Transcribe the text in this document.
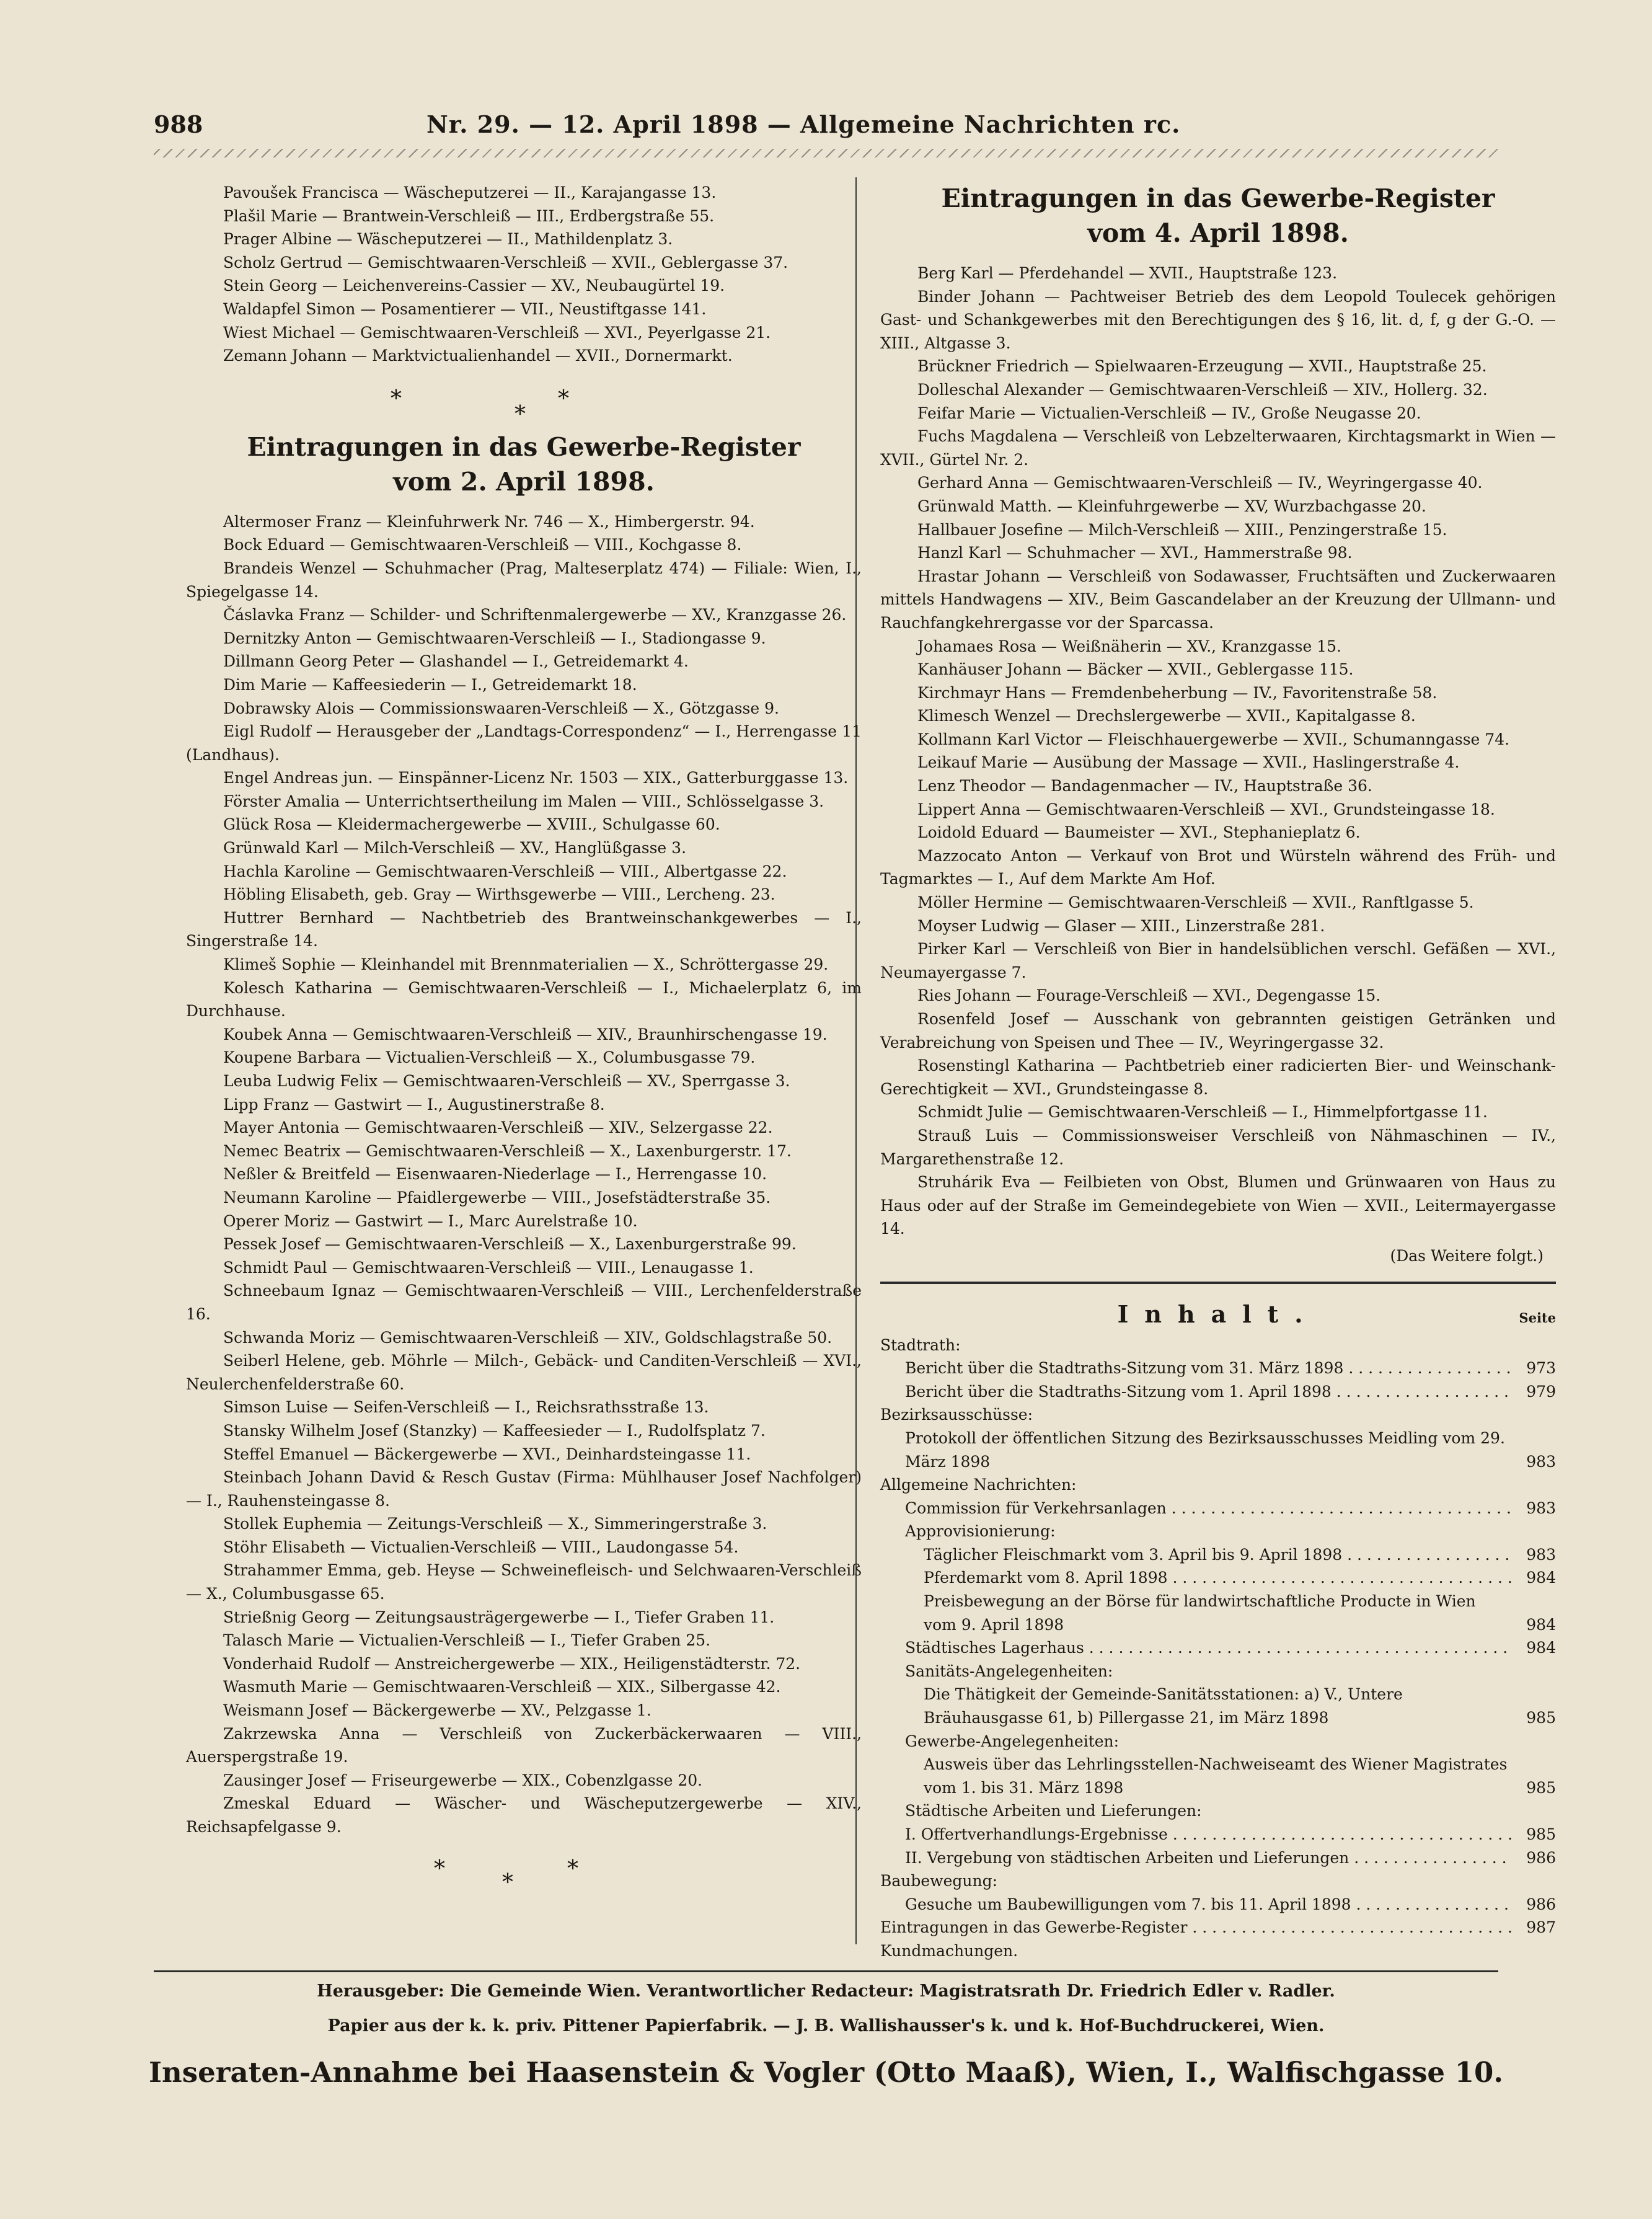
988	Nr. 29. — 12. April 1898 — Allgemeine Nachrichten rc.

Pavoušek Francisca — Wäscheputzerei — II., Karajangasse 13.

Plašil Marie — Brantwein-Verschleiß — III., Erdbergstraße 55.

Prager Albine — Wäscheputzerei — II., Mathildenplatz 3.

Scholz Gertrud — Gemischtwaaren-Verschleiß — XVII., Geblergasse 37.

Stein Georg — Leichenvereins-Cassier — XV., Neubaugürtel 19.

Waldapfel Simon — Posamentierer — VII., Neustiftgasse 141.

Wiest Michael — Gemischtwaaren-Verschleiß — XVI., Peyerlgasse 21.

Zemann Johann — Marktvictualienhandel — XVII., Dornermarkt.

*
*
*

Eintragungen in das Gewerbe-Register

vom 2. April 1898.

Altermoser Franz — Kleinfuhrwerk Nr. 746 — X., Himbergerstr. 94.

Bock Eduard — Gemischtwaaren-Verschleiß — VIII., Kochgasse 8.

Brandeis Wenzel — Schuhmacher (Prag, Malteserplatz 474) — Filiale: Wien, I., Spiegelgasse 14.

Čáslavka Franz — Schilder- und Schriftenmalergewerbe — XV., Kranzgasse 26.

Dernitzky Anton — Gemischtwaaren-Verschleiß — I., Stadiongasse 9.

Dillmann Georg Peter — Glashandel — I., Getreidemarkt 4.

Dim Marie — Kaffeesiederin — I., Getreidemarkt 18.

Dobrawsky Alois — Commissionswaaren-Verschleiß — X., Götzgasse 9.

Eigl Rudolf — Herausgeber der „Landtags-Correspondenz“ — I., Herrengasse 11 (Landhaus).

Engel Andreas jun. — Einspänner-Licenz Nr. 1503 — XIX., Gatterburggasse 13.

Förster Amalia — Unterrichtsertheilung im Malen — VIII., Schlösselgasse 3.

Glück Rosa — Kleidermachergewerbe — XVIII., Schulgasse 60.

Grünwald Karl — Milch-Verschleiß — XV., Hanglüßgasse 3.

Hachla Karoline — Gemischtwaaren-Verschleiß — VIII., Albertgasse 22.

Höbling Elisabeth, geb. Gray — Wirthsgewerbe — VIII., Lercheng. 23.

Huttrer Bernhard — Nachtbetrieb des Brantweinschankgewerbes — I., Singerstraße 14.

Klimeš Sophie — Kleinhandel mit Brennmaterialien — X., Schröttergasse 29.

Kolesch Katharina — Gemischtwaaren-Verschleiß — I., Michaelerplatz 6, im Durchhause.

Koubek Anna — Gemischtwaaren-Verschleiß — XIV., Braunhirschengasse 19.

Koupene Barbara — Victualien-Verschleiß — X., Columbusgasse 79.

Leuba Ludwig Felix — Gemischtwaaren-Verschleiß — XV., Sperrgasse 3.

Lipp Franz — Gastwirt — I., Augustinerstraße 8.

Mayer Antonia — Gemischtwaaren-Verschleiß — XIV., Selzergasse 22.

Nemec Beatrix — Gemischtwaaren-Verschleiß — X., Laxenburgerstr. 17.

Neßler & Breitfeld — Eisenwaaren-Niederlage — I., Herrengasse 10.

Neumann Karoline — Pfaidlergewerbe — VIII., Josefstädterstraße 35.

Operer Moriz — Gastwirt — I., Marc Aurelstraße 10.

Pessek Josef — Gemischtwaaren-Verschleiß — X., Laxenburgerstraße 99.

Schmidt Paul — Gemischtwaaren-Verschleiß — VIII., Lenaugasse 1.

Schneebaum Ignaz — Gemischtwaaren-Verschleiß — VIII., Lerchenfelderstraße 16.

Schwanda Moriz — Gemischtwaaren-Verschleiß — XIV., Goldschlagstraße 50.

Seiberl Helene, geb. Möhrle — Milch-, Gebäck- und Canditen-Verschleiß — XVI., Neulerchenfelderstraße 60.

Simson Luise — Seifen-Verschleiß — I., Reichsrathsstraße 13.

Stansky Wilhelm Josef (Stanzky) — Kaffeesieder — I., Rudolfsplatz 7.

Steffel Emanuel — Bäckergewerbe — XVI., Deinhardsteingasse 11.

Steinbach Johann David & Resch Gustav (Firma: Mühlhauser Josef Nachfolger) — I., Rauhensteingasse 8.

Stollek Euphemia — Zeitungs-Verschleiß — X., Simmeringerstraße 3.

Stöhr Elisabeth — Victualien-Verschleiß — VIII., Laudongasse 54.

Strahammer Emma, geb. Heyse — Schweinefleisch- und Selchwaaren-Verschleiß — X., Columbusgasse 65.

Strießnig Georg — Zeitungsausträgergewerbe — I., Tiefer Graben 11.

Talasch Marie — Victualien-Verschleiß — I., Tiefer Graben 25.

Vonderhaid Rudolf — Anstreichergewerbe — XIX., Heiligenstädterstr. 72.

Wasmuth Marie — Gemischtwaaren-Verschleiß — XIX., Silbergasse 42.

Weismann Josef — Bäckergewerbe — XV., Pelzgasse 1.

Zakrzewska Anna — Verschleiß von Zuckerbäckerwaaren — VIII., Auerspergstraße 19.

Zausinger Josef — Friseurgewerbe — XIX., Cobenzlgasse 20.

Zmeskal Eduard — Wäscher- und Wäscheputzergewerbe — XIV., Reichsapfelgasse 9.

*
*
*

Eintragungen in das Gewerbe-Register

vom 4. April 1898.

Berg Karl — Pferdehandel — XVII., Hauptstraße 123.

Binder Johann — Pachtweiser Betrieb des dem Leopold Toulecek gehörigen Gast- und Schankgewerbes mit den Berechtigungen des § 16, lit. d, f, g der G.-O. — XIII., Altgasse 3.

Brückner Friedrich — Spielwaaren-Erzeugung — XVII., Hauptstraße 25.

Dolleschal Alexander — Gemischtwaaren-Verschleiß — XIV., Hollerg. 32.

Feifar Marie — Victualien-Verschleiß — IV., Große Neugasse 20.

Fuchs Magdalena — Verschleiß von Lebzelterwaaren, Kirchtagsmarkt in Wien — XVII., Gürtel Nr. 2.

Gerhard Anna — Gemischtwaaren-Verschleiß — IV., Weyringergasse 40.

Grünwald Matth. — Kleinfuhrgewerbe — XV, Wurzbachgasse 20.

Hallbauer Josefine — Milch-Verschleiß — XIII., Penzingerstraße 15.

Hanzl Karl — Schuhmacher — XVI., Hammerstraße 98.

Hrastar Johann — Verschleiß von Sodawasser, Fruchtsäften und Zuckerwaaren mittels Handwagens — XIV., Beim Gascandelaber an der Kreuzung der Ullmann- und Rauchfangkehrergasse vor der Sparcassa.

Johamaes Rosa — Weißnäherin — XV., Kranzgasse 15.

Kanhäuser Johann — Bäcker — XVII., Geblergasse 115.

Kirchmayr Hans — Fremdenbeherbung — IV., Favoritenstraße 58.

Klimesch Wenzel — Drechslergewerbe — XVII., Kapitalgasse 8.

Kollmann Karl Victor — Fleischhauergewerbe — XVII., Schumanngasse 74.

Leikauf Marie — Ausübung der Massage — XVII., Haslingerstraße 4.

Lenz Theodor — Bandagenmacher — IV., Hauptstraße 36.

Lippert Anna — Gemischtwaaren-Verschleiß — XVI., Grundsteingasse 18.

Loidold Eduard — Baumeister — XVI., Stephanieplatz 6.

Mazzocato Anton — Verkauf von Brot und Würsteln während des Früh- und Tagmarktes — I., Auf dem Markte Am Hof.

Möller Hermine — Gemischtwaaren-Verschleiß — XVII., Ranftlgasse 5.

Moyser Ludwig — Glaser — XIII., Linzerstraße 281.

Pirker Karl — Verschleiß von Bier in handelsüblichen verschl. Gefäßen — XVI., Neumayergasse 7.

Ries Johann — Fourage-Verschleiß — XVI., Degengasse 15.

Rosenfeld Josef — Ausschank von gebrannten geistigen Getränken und Verabreichung von Speisen und Thee — IV., Weyringergasse 32.

Rosenstingl Katharina — Pachtbetrieb einer radicierten Bier- und Weinschank-Gerechtigkeit — XVI., Grundsteingasse 8.

Schmidt Julie — Gemischtwaaren-Verschleiß — I., Himmelpfortgasse 11.

Strauß Luis — Commissionsweiser Verschleiß von Nähmaschinen — IV., Margarethenstraße 12.

Struhárik Eva — Feilbieten von Obst, Blumen und Grünwaaren von Haus zu Haus oder auf der Straße im Gemeindegebiete von Wien — XVII., Leitermayergasse 14.

(Das Weitere folgt.)

Inhalt.	Seite

Stadtrath:

Bericht über die Stadtraths-Sitzung vom 31. März 1898 . . .	973
Bericht über die Stadtraths-Sitzung vom 1. April 1898 . . .	979

Bezirksausschüsse:

Protokoll der öffentlichen Sitzung des Bezirksausschusses Meidling vom 29. März 1898	983

Allgemeine Nachrichten:

Commission für Verkehrsanlagen . . .	983

Approvisionierung:

Täglicher Fleischmarkt vom 3. April bis 9. April 1898 . . .	983
Pferdemarkt vom 8. April 1898 . . .	984
Preisbewegung an der Börse für landwirtschaftliche Producte in Wien vom 9. April 1898	984
Städtisches Lagerhaus . . .	984

Sanitäts-Angelegenheiten:

Die Thätigkeit der Gemeinde-Sanitätsstationen: a) V., Untere Bräuhausgasse 61, b) Pillergasse 21, im März 1898	985

Gewerbe-Angelegenheiten:

Ausweis über das Lehrlingsstellen-Nachweiseamt des Wiener Magistrates vom 1. bis 31. März 1898	985

Städtische Arbeiten und Lieferungen:

I. Offertverhandlungs-Ergebnisse . . .	985
II. Vergebung von städtischen Arbeiten und Lieferungen . . .	986

Baubewegung:

Gesuche um Baubewilligungen vom 7. bis 11. April 1898 . . .	986
Eintragungen in das Gewerbe-Register . . .	987

Kundmachungen.

Herausgeber: Die Gemeinde Wien. Verantwortlicher Redacteur: Magistratsrath Dr. Friedrich Edler v. Radler.
Papier aus der k. k. priv. Pittener Papierfabrik. — J. B. Wallishausser's k. und k. Hof-Buchdruckerei, Wien.
Inseraten-Annahme bei Haasenstein & Vogler (Otto Maaß), Wien, I., Walfischgasse 10.
